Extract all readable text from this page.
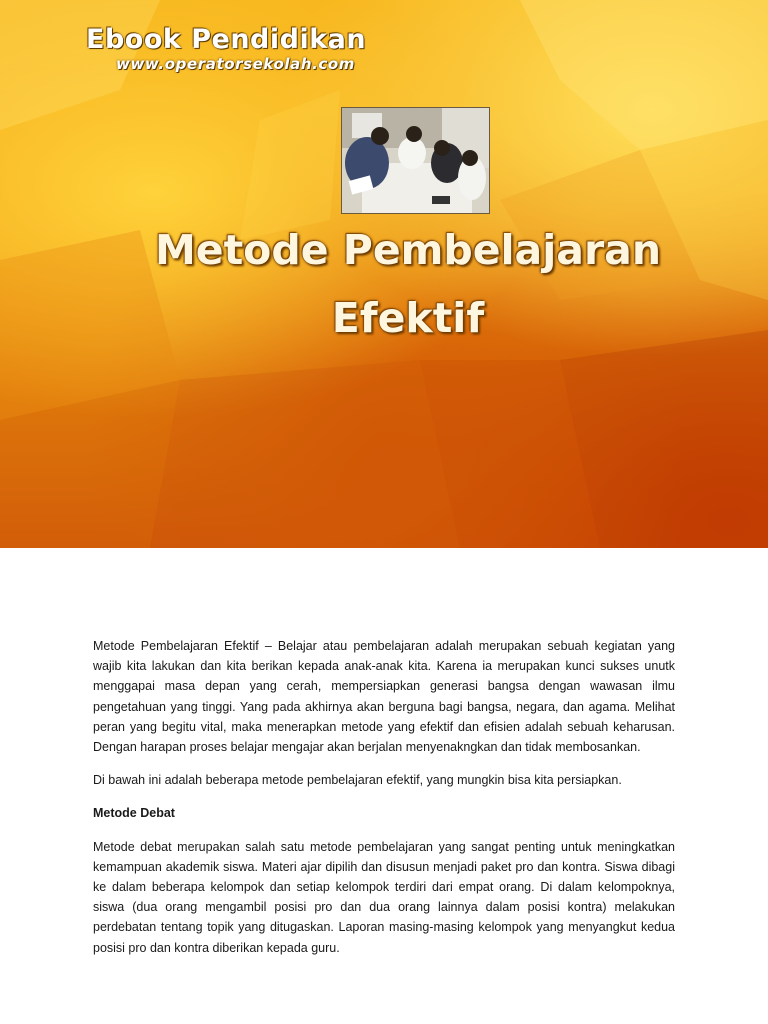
Ebook Pendidikan
www.operatorsekolah.com
Metode Pembelajaran
Efektif

Metode Pembelajaran Efektif – Belajar atau pembelajaran adalah merupakan sebuah kegiatan yang wajib kita lakukan dan kita berikan kepada anak-anak kita. Karena ia merupakan kunci sukses unutk menggapai masa depan yang cerah, mempersiapkan generasi bangsa dengan wawasan ilmu pengetahuan yang tinggi. Yang pada akhirnya akan berguna bagi bangsa, negara, dan agama. Melihat peran yang begitu vital, maka menerapkan metode yang efektif dan efisien adalah sebuah keharusan. Dengan harapan proses belajar mengajar akan berjalan menyenakngkan dan tidak membosankan.

Di bawah ini adalah beberapa metode pembelajaran efektif, yang mungkin bisa kita persiapkan.

Metode Debat

Metode debat merupakan salah satu metode pembelajaran yang sangat penting untuk meningkatkan kemampuan akademik siswa. Materi ajar dipilih dan disusun menjadi paket pro dan kontra. Siswa dibagi ke dalam beberapa kelompok dan setiap kelompok terdiri dari empat orang. Di dalam kelompoknya, siswa (dua orang mengambil posisi pro dan dua orang lainnya dalam posisi kontra) melakukan perdebatan tentang topik yang ditugaskan. Laporan masing-masing kelompok yang menyangkut kedua posisi pro dan kontra diberikan kepada guru.
